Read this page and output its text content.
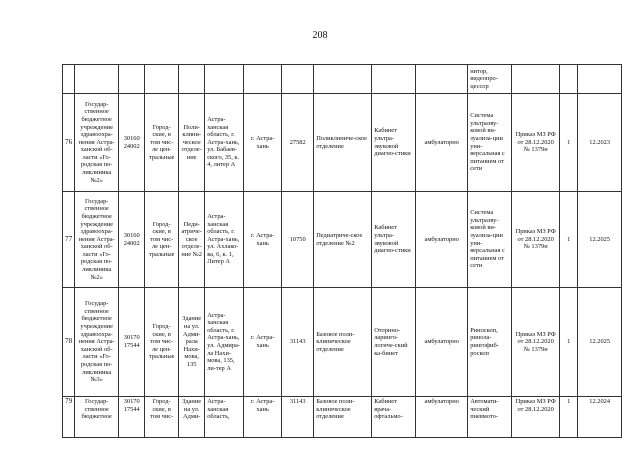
208
											нитор, видеопро-цессор			
76	Государ-ственное бюджетное учреждение здравоохра-нения Астра-ханской об-ласти «Го-родская по-ликлиника №2»	30160 24002	Город-ские, в том чис-ле цен-тральные	Поли-клини-ческое отделе-ние	Астра-ханская область, г. Астра-хань, ул. Бабаев-ского, 35, к. 4, литер А	г. Астра-хань	27582	Поликлиниче-ское отделение	Кабинет ультра-звуковой диагно-стики	амбулаторно	Система ультразву-ковой ви-зуализа-ции уни-версальная с питанием от сети	Приказ МЗ РФ от 28.12.2020 № 1379н	1	12.2023
77	Государ-ственное бюджетное учреждение здравоохра-нения Астра-ханской об-ласти «Го-родская по-ликлиника №2»	30160 24002	Город-ские, в том чис-ле цен-тральные	Педи-атриче-ское отделе-ние №2	Астра-ханская область, г. Астра-хань, ул. Ахлако-ва, 6, к. 1, Литер А	г. Астра-хань	10750	Педиатриче-ское отделение №2	Кабинет ультра-звуковой диагно-стики	амбулаторно	Система ультразву-ковой ви-зуализа-ции уни-версальная с питанием от сети	Приказ МЗ РФ от 28.12.2020 № 1379н	1	12.2025
78	Государ-ственное бюджетное учреждение здравоохра-нения Астра-ханской об-ласти «Го-родская по-ликлиника №3»	30170 17544	Город-ские, в том чис-ле цен-тральные	Здание на ул. Адми-рала Нахи-мова, 135	Астра-ханская область, г. Астра-хань, ул. Адмира-ла Нахи-мова, 135, ли-тер А	г. Астра-хань	31143	Базовое поли-клиническое отделение	Оторино-ларинго-логиче-ский ка-бинет	амбулаторно	Риноскоп, ринола-рингофиб-роскоп	Приказ МЗ РФ от 28.12.2020 № 1379н	1	12.2025
79	Государ-ственное бюджетное	30170 17544	Город-ские, в том чис-	Здание на ул. Адми-	Астра-ханская область,	г. Астра-хань	31143	Базовое поли-клиническое отделение	Кабинет врача-офтальмо-	амбулаторно	Автомати-ческий пневмото-	Приказ МЗ РФ от 28.12.2020	1	12.2024
